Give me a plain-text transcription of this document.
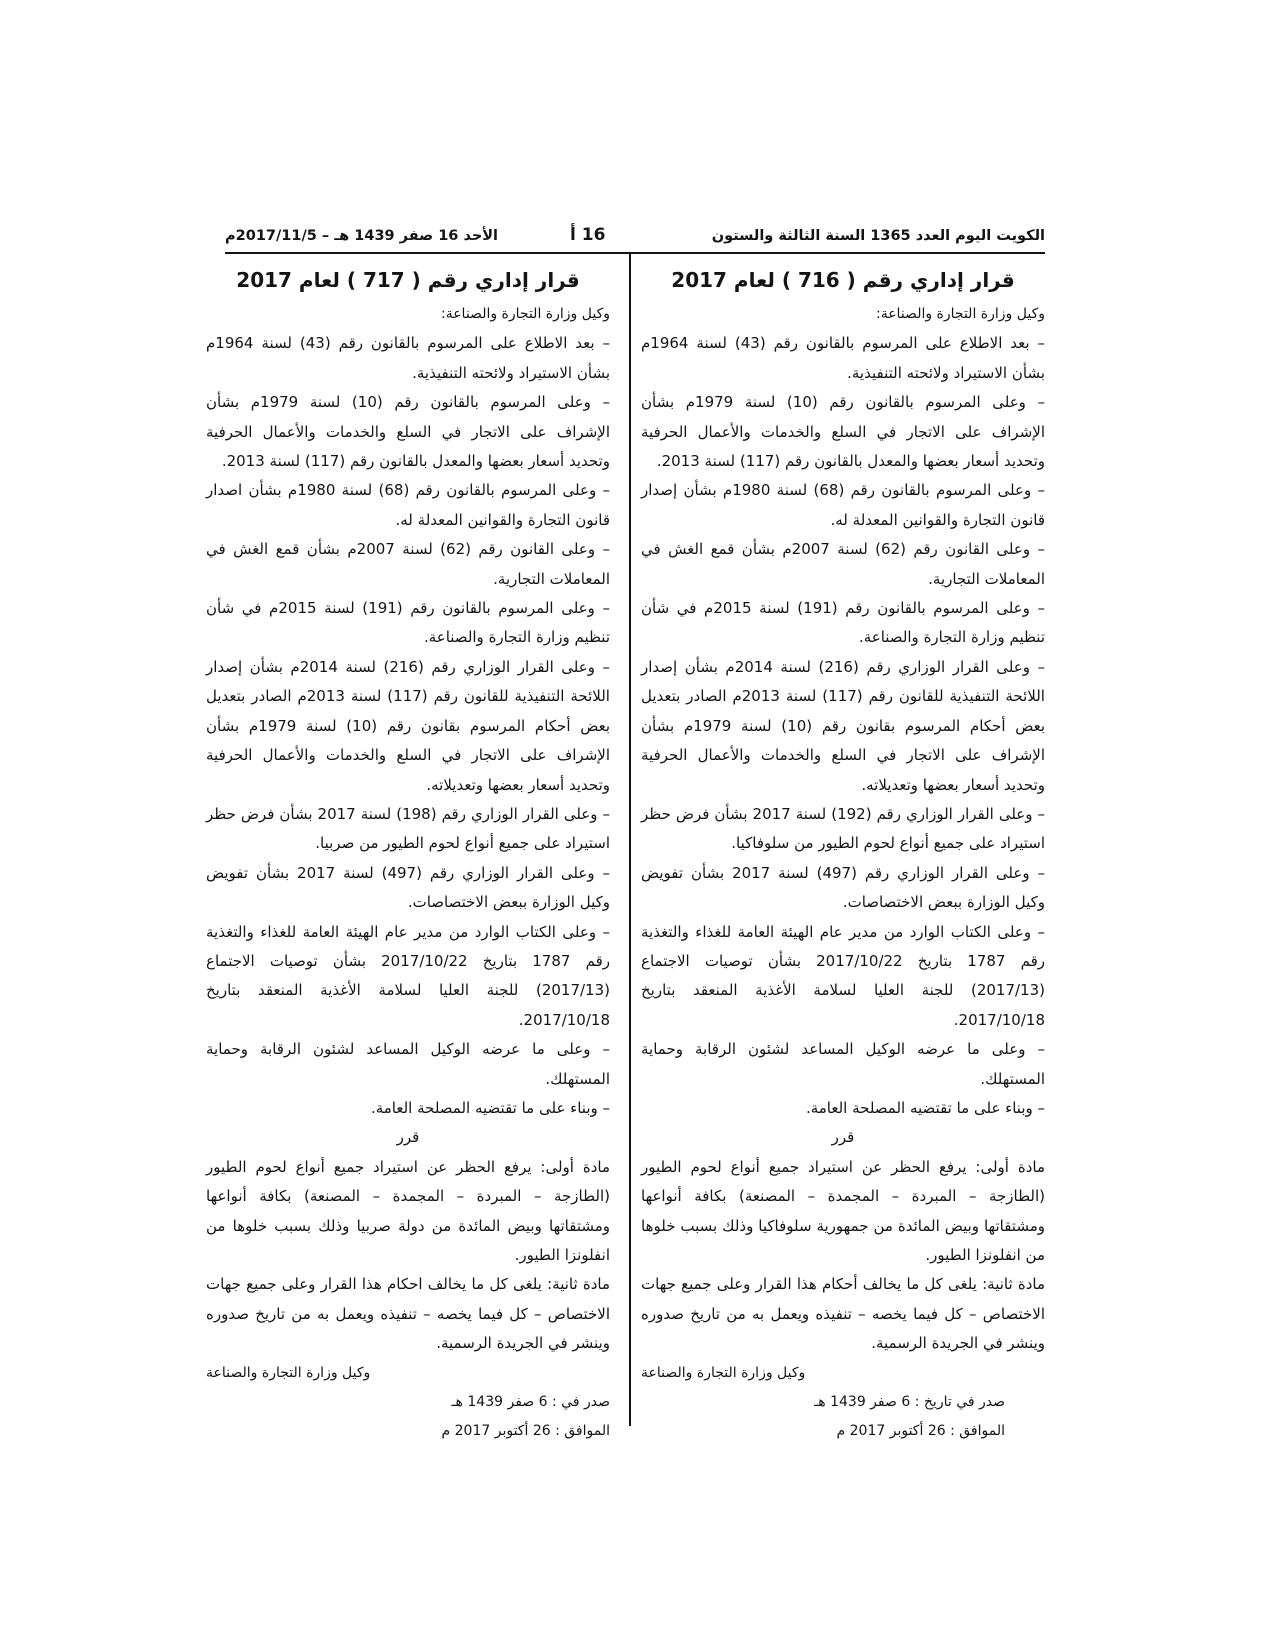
الكويت اليوم العدد 1365 السنة الثالثة والستون
16 أ
الأحد 16 صفر 1439 هـ – 2017/11/5م
قرار إداري رقم ( 716 ) لعام 2017

وكيل وزارة التجارة والصناعة:

– بعد الاطلاع على المرسوم بالقانون رقم (43) لسنة 1964م بشأن الاستيراد ولائحته التنفيذية.

– وعلى المرسوم بالقانون رقم (10) لسنة 1979م بشأن الإشراف على الاتجار في السلع والخدمات والأعمال الحرفية وتحديد أسعار بعضها والمعدل بالقانون رقم (117) لسنة 2013.

– وعلى المرسوم بالقانون رقم (68) لسنة 1980م بشأن إصدار قانون التجارة والقوانين المعدلة له.

– وعلى القانون رقم (62) لسنة 2007م بشأن قمع الغش في المعاملات التجارية.

– وعلى المرسوم بالقانون رقم (191) لسنة 2015م في شأن تنظيم وزارة التجارة والصناعة.

– وعلى القرار الوزاري رقم (216) لسنة 2014م بشأن إصدار اللائحة التنفيذية للقانون رقم (117) لسنة 2013م الصادر بتعديل بعض أحكام المرسوم بقانون رقم (10) لسنة 1979م بشأن الإشراف على الاتجار في السلع والخدمات والأعمال الحرفية وتحديد أسعار بعضها وتعديلاته.

– وعلى القرار الوزاري رقم (192) لسنة 2017 بشأن فرض حظر استيراد على جميع أنواع لحوم الطيور من سلوفاكيا.

– وعلى القرار الوزاري رقم (497) لسنة 2017 بشأن تفويض وكيل الوزارة ببعض الاختصاصات.

– وعلى الكتاب الوارد من مدير عام الهيئة العامة للغذاء والتغذية رقم 1787 بتاريخ 2017/10/22 بشأن توصيات الاجتماع (2017/13) للجنة العليا لسلامة الأغذية المنعقد بتاريخ 2017/10/18.

– وعلى ما عرضه الوكيل المساعد لشئون الرقابة وحماية المستهلك.

– وبناء على ما تقتضيه المصلحة العامة.

قرر

مادة أولى: يرفع الحظر عن استيراد جميع أنواع لحوم الطيور (الطازجة – المبردة – المجمدة – المصنعة) بكافة أنواعها ومشتقاتها وبيض المائدة من جمهورية سلوفاكيا وذلك بسبب خلوها من انفلونزا الطيور.

مادة ثانية: يلغى كل ما يخالف أحكام هذا القرار وعلى جميع جهات الاختصاص – كل فيما يخصه – تنفيذه ويعمل به من تاريخ صدوره وينشر في الجريدة الرسمية.

وكيل وزارة التجارة والصناعة

صدر في تاريخ : 6 صفر 1439 هـ

الموافق : 26 أكتوبر 2017 م

قرار إداري رقم ( 717 ) لعام 2017

وكيل وزارة التجارة والصناعة:

– بعد الاطلاع على المرسوم بالقانون رقم (43) لسنة 1964م بشأن الاستيراد ولائحته التنفيذية.

– وعلى المرسوم بالقانون رقم (10) لسنة 1979م بشأن الإشراف على الاتجار في السلع والخدمات والأعمال الحرفية وتحديد أسعار بعضها والمعدل بالقانون رقم (117) لسنة 2013.

– وعلى المرسوم بالقانون رقم (68) لسنة 1980م بشأن اصدار قانون التجارة والقوانين المعدلة له.

– وعلى القانون رقم (62) لسنة 2007م بشأن قمع الغش في المعاملات التجارية.

– وعلى المرسوم بالقانون رقم (191) لسنة 2015م في شأن تنظيم وزارة التجارة والصناعة.

– وعلى القرار الوزاري رقم (216) لسنة 2014م بشأن إصدار اللائحة التنفيذية للقانون رقم (117) لسنة 2013م الصادر بتعديل بعض أحكام المرسوم بقانون رقم (10) لسنة 1979م بشأن الإشراف على الاتجار في السلع والخدمات والأعمال الحرفية وتحديد أسعار بعضها وتعديلاته.

– وعلى القرار الوزاري رقم (198) لسنة 2017 بشأن فرض حظر استيراد على جميع أنواع لحوم الطيور من صربيا.

– وعلى القرار الوزاري رقم (497) لسنة 2017 بشأن تفويض وكيل الوزارة ببعض الاختصاصات.

– وعلى الكتاب الوارد من مدير عام الهيئة العامة للغذاء والتغذية رقم 1787 بتاريخ 2017/10/22 بشأن توصيات الاجتماع (2017/13) للجنة العليا لسلامة الأغذية المنعقد بتاريخ 2017/10/18.

– وعلى ما عرضه الوكيل المساعد لشئون الرقابة وحماية المستهلك.

– وبناء على ما تقتضيه المصلحة العامة.

قرر

مادة أولى: يرفع الحظر عن استيراد جميع أنواع لحوم الطيور (الطازجة – المبردة – المجمدة – المصنعة) بكافة أنواعها ومشتقاتها وبيض المائدة من دولة صربيا وذلك بسبب خلوها من انفلونزا الطيور.

مادة ثانية: يلغى كل ما يخالف احكام هذا القرار وعلى جميع جهات الاختصاص – كل فيما يخصه – تنفيذه ويعمل به من تاريخ صدوره وينشر في الجريدة الرسمية.

وكيل وزارة التجارة والصناعة

صدر في : 6 صفر 1439 هـ

الموافق : 26 أكتوبر 2017 م
